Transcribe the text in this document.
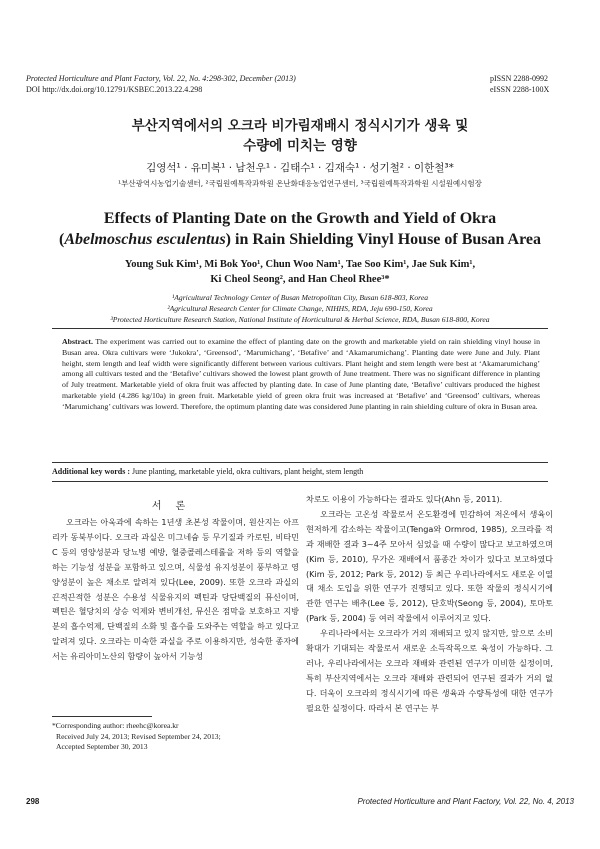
Protected Horticulture and Plant Factory, Vol. 22, No. 4:298-302, December (2013)
DOI http://dx.doi.org/10.12791/KSBEC.2013.22.4.298
pISSN 2288-0992
eISSN 2288-100X
부산지역에서의 오크라 비가림재배시 정식시기가 생육 및
수량에 미치는 영향
김영석¹ · 유미복¹ · 남천우¹ · 김태수¹ · 김재숙¹ · 성기철² · 이한철³*
¹부산광역시농업기술센터, ²국립원예특작과학원 온난화대응농업연구센터, ³국립원예특작과학원 시설원예시험장
Effects of Planting Date on the Growth and Yield of Okra
(Abelmoschus esculentus) in Rain Shielding Vinyl House of Busan Area
Young Suk Kim¹, Mi Bok Yoo¹, Chun Woo Nam¹, Tae Soo Kim¹, Jae Suk Kim¹,
Ki Cheol Seong², and Han Cheol Rhee³*
¹Agricultural Technology Center of Busan Metropolitan City, Busan 618-803, Korea
²Agricultural Research Center for Climate Change, NIHHS, RDA, Jeju 690-150, Korea
³Protected Horticulture Research Station, National Institute of Horticultural & Herbal Science, RDA, Busan 618-800, Korea
Abstract. The experiment was carried out to examine the effect of planting date on the growth and marketable yield on rain shielding vinyl house in Busan area. Okra cultivars were ‘Jukokra’, ‘Greensod’, ‘Marumichang’, ‘Betafive’ and ‘Akamarumichang’. Planting date were June and July. Plant height, stem length and leaf width were significantly different between various cultivars. Plant height and stem length were best at ‘Akamarumichang’ among all cultivars tested and the ‘Betafive’ cultivars showed the lowest plant growth of June treatment. There was no significant difference in planting of July treatment. Marketable yield of okra fruit was affected by planting date. In case of June planting date, ‘Betafive’ cultivars produced the highest marketable yield (4.286 kg/10a) in green fruit. Marketable yield of green okra fruit was increased at ‘Betafive’ and ‘Greensod’ cultivars, whereas ‘Marumichang’ cultivars was lowerd. Therefore, the optimum planting date was considered June planting in rain shielding culture of okra in Busan area.
Additional key words : June planting, marketable yield, okra cultivars, plant height, stem length
서론

오크라는 아욱과에 속하는 1년생 초본성 작물이며, 원산지는 아프리카 동북부이다. 오크라 과실은 미그네슘 등 무기질과 카로틴, 비타민 C 등의 영양성분과 당뇨병 예방, 혈중콜레스테롤을 저하 등의 역할을 하는 기능성 성분을 포함하고 있으며, 식물성 유지성분이 풍부하고 영양성분이 높은 채소로 알려져 있다(Lee, 2009). 또한 오크라 과실의 끈적끈적한 성분은 수용성 식물유지의 펙틴과 당단백질의 뮤신이며, 펙틴은 혈당치의 상승 억제와 변비개선, 뮤신은 점막을 보호하고 지방분의 흡수억제, 단백질의 소화 및 흡수를 도와주는 역할을 하고 있다고 알려져 있다. 오크라는 미숙한 과실을 주로 이용하지만, 성숙한 종자에서는 유리아미노산의 함량이 높아서 기능성

차로도 이용이 가능하다는 결과도 있다(Ahn 등, 2011).

오크라는 고온성 작물로서 온도환경에 민감하여 저온에서 생육이 현저하게 감소하는 작물이고(Tenga와 Ormrod, 1985), 오크라를 적과 재배한 결과 3~4주 모아서 심었을 때 수량이 많다고 보고하였으며(Kim 등, 2010), 무가온 재배에서 품종간 차이가 있다고 보고하였다(Kim 등, 2012; Park 등, 2012) 등 최근 우리나라에서도 새로운 이열대 채소 도입을 위한 연구가 진행되고 있다. 또한 작물의 정식시기에 관한 연구는 배추(Lee 등, 2012), 단호박(Seong 등, 2004), 토마토(Park 등, 2004) 등 여러 작물에서 이루어지고 있다.

우리나라에서는 오크라가 거의 재배되고 있지 않지만, 앞으로 소비 확대가 기대되는 작물로서 새로운 소득작목으로 육성이 가능하다. 그러나, 우리나라에서는 오크라 재배와 관련된 연구가 미비한 실정이며, 특히 부산지역에서는 오크라 재배와 관련되어 연구된 결과가 거의 없다. 더욱이 오크라의 정식시기에 따른 생육과 수량특성에 대한 연구가 필요한 실정이다. 따라서 본 연구는 부

*Corresponding author: rheehc@korea.kr
Received July 24, 2013; Revised September 24, 2013;
Accepted September 30, 2013
298	Protected Horticulture and Plant Factory, Vol. 22, No. 4, 2013
